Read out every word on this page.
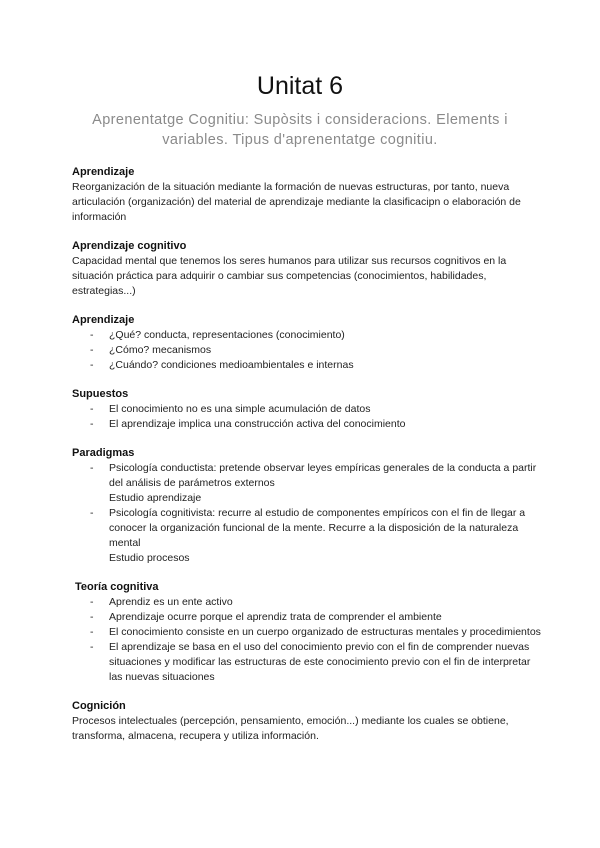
Unitat 6
Aprenentatge Cognitiu: Supòsits i consideracions. Elements i variables. Tipus d'aprenentatge cognitiu.
Aprendizaje

Reorganización de la situación mediante la formación de nuevas estructuras, por tanto, nueva articulación (organización) del material de aprendizaje mediante la clasificacipn o elaboración de información

Aprendizaje cognitivo

Capacidad mental que tenemos los seres humanos para utilizar sus recursos cognitivos en la situación práctica para adquirir o cambiar sus competencias (conocimientos, habilidades, estrategias...)

Aprendizaje
- ¿Qué? conducta, representaciones (conocimiento)
- ¿Cómo? mecanismos
- ¿Cuándo? condiciones medioambientales e internas
Supuestos
- El conocimiento no es una simple acumulación de datos
- El aprendizaje implica una construcción activa del conocimiento
Paradigmas
- Psicología conductista: pretende observar leyes empíricas generales de la conducta a partir del análisis de parámetros externos
Estudio aprendizaje
- Psicología cognitivista: recurre al estudio de componentes empíricos con el fin de llegar a conocer la organización funcional de la mente. Recurre a la disposición de la naturaleza mental
Estudio procesos
Teoría cognitiva
- Aprendiz es un ente activo
- Aprendizaje ocurre porque el aprendiz trata de comprender el ambiente
- El conocimiento consiste en un cuerpo organizado de estructuras mentales y procedimientos
- El aprendizaje se basa en el uso del conocimiento previo con el fin de comprender nuevas situaciones y modificar las estructuras de este conocimiento previo con el fin de interpretar las nuevas situaciones
Cognición

Procesos intelectuales (percepción, pensamiento, emoción...) mediante los cuales se obtiene, transforma, almacena, recupera y utiliza información.
